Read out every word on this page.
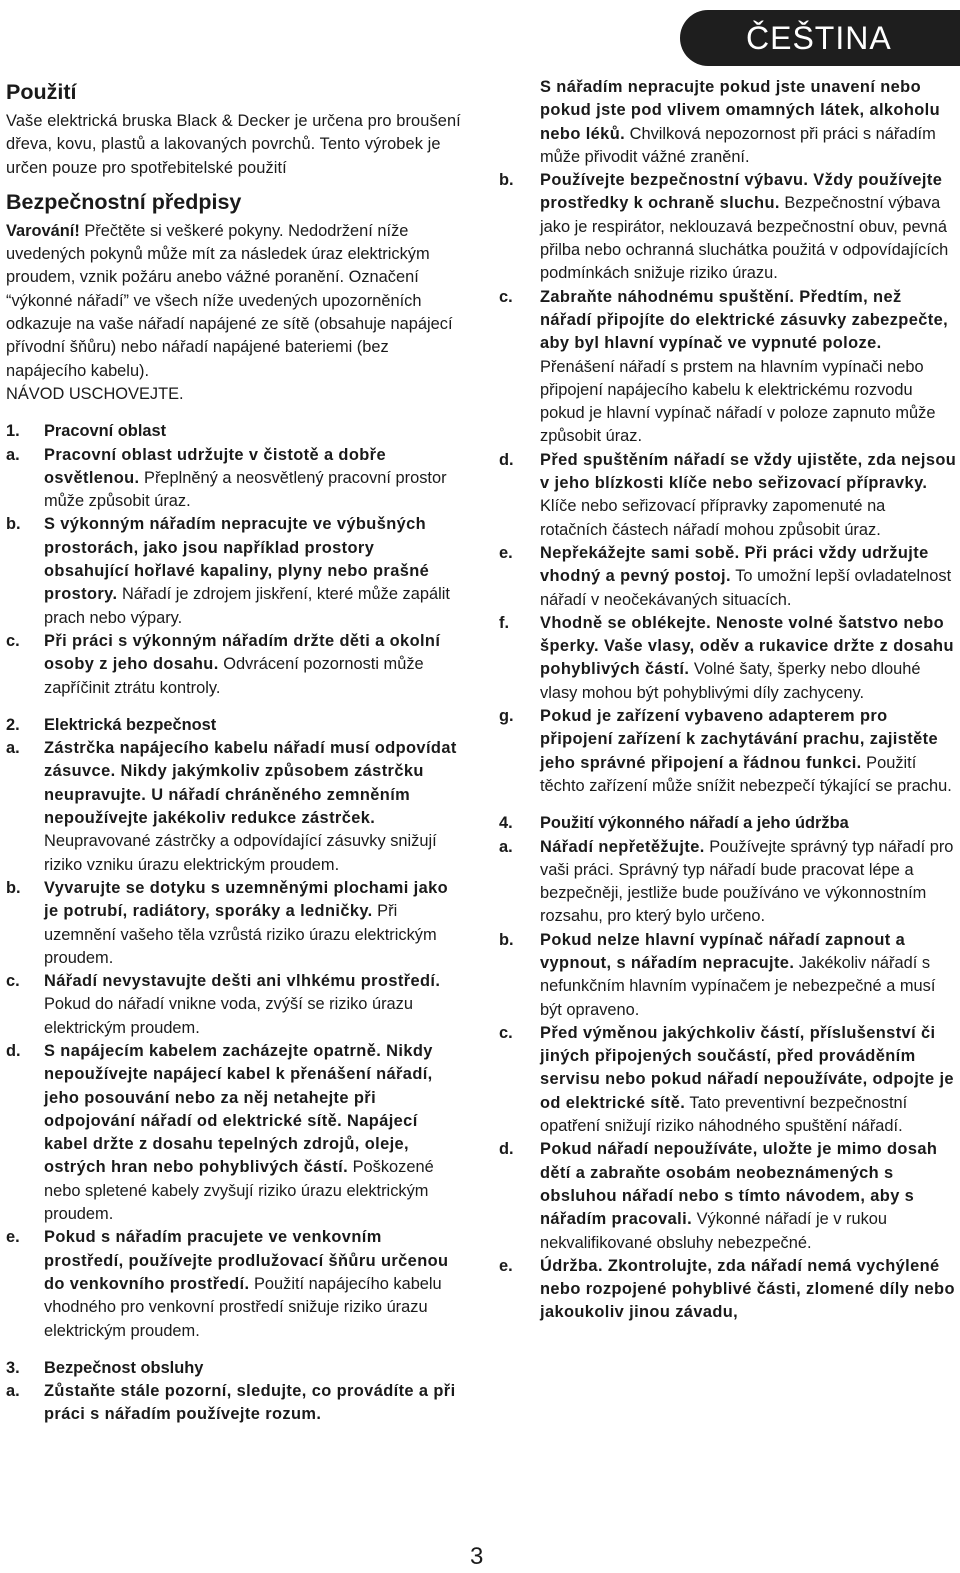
ČEŠTINA
Použití

Vaše elektrická bruska Black & Decker je určena pro broušení dřeva, kovu, plastů a lakovaných povrchů. Tento výrobek je určen pouze pro spotřebitelské použití

Bezpečnostní předpisy

Varování! Přečtěte si veškeré pokyny. Nedodržení níže uvedených pokynů může mít za následek úraz elektrickým proudem, vznik požáru anebo vážné poranění. Označení “výkonné nářadí” ve všech níže uvedených upozorněních odkazuje na vaše nářadí napájené ze sítě (obsahuje napájecí přívodní šňůru) nebo nářadí napájené bateriemi (bez napájecího kabelu).

NÁVOD USCHOVEJTE.

1.	Pracovní oblast
a.	Pracovní oblast udržujte v čistotě a dobře osvětlenou. Přeplněný a neosvětlený pracovní prostor může způsobit úraz.
b.	S výkonným nářadím nepracujte ve výbušných prostorách, jako jsou například prostory obsahující hořlavé kapaliny, plyny nebo prašné prostory. Nářadí je zdrojem jiskření, které může zapálit prach nebo výpary.
c.	Při práci s výkonným nářadím držte děti a okolní osoby z jeho dosahu. Odvrácení pozornosti může zapříčinit ztrátu kontroly.
2.	Elektrická bezpečnost
a.	Zástrčka napájecího kabelu nářadí musí odpovídat zásuvce. Nikdy jakýmkoliv způsobem zástrčku neupravujte. U nářadí chráněného zemněním nepoužívejte jakékoliv redukce zástrček. Neupravované zástrčky a odpovídající zásuvky snižují riziko vzniku úrazu elektrickým proudem.
b.	Vyvarujte se dotyku s uzemněnými plochami jako je potrubí, radiátory, sporáky a ledničky. Při uzemnění vašeho těla vzrůstá riziko úrazu elektrickým proudem.
c.	Nářadí nevystavujte dešti ani vlhkému prostředí. Pokud do nářadí vnikne voda, zvýší se riziko úrazu elektrickým proudem.
d.	S napájecím kabelem zacházejte opatrně. Nikdy nepoužívejte napájecí kabel k přenášení nářadí, jeho posouvání nebo za něj netahejte při odpojování nářadí od elektrické sítě. Napájecí kabel držte z dosahu tepelných zdrojů, oleje, ostrých hran nebo pohyblivých částí. Poškozené nebo spletené kabely zvyšují riziko úrazu elektrickým proudem.
e.	Pokud s nářadím pracujete ve venkovním prostředí, používejte prodlužovací šňůru určenou do venkovního prostředí. Použití napájecího kabelu vhodného pro venkovní prostředí snižuje riziko úrazu elektrickým proudem.
3.	Bezpečnost obsluhy
a.	Zůstaňte stále pozorní, sledujte, co provádíte a při práci s nářadím používejte rozum.
S nářadím nepracujte pokud jste unavení nebo pokud jste pod vlivem omamných látek, alkoholu nebo léků. Chvilková nepozornost při práci s nářadím může přivodit vážné zranění.
b.	Používejte bezpečnostní výbavu. Vždy používejte prostředky k ochraně sluchu. Bezpečnostní výbava jako je respirátor, neklouzavá bezpečnostní obuv, pevná přilba nebo ochranná sluchátka použitá v odpovídajících podmínkách snižuje riziko úrazu.
c.	Zabraňte náhodnému spuštění. Předtím, než nářadí připojíte do elektrické zásuvky zabezpečte, aby byl hlavní vypínač ve vypnuté poloze. Přenášení nářadí s prstem na hlavním vypínači nebo připojení napájecího kabelu k elektrickému rozvodu pokud je hlavní vypínač nářadí v poloze zapnuto může způsobit úraz.
d.	Před spuštěním nářadí se vždy ujistěte, zda nejsou v jeho blízkosti klíče nebo seřizovací přípravky. Klíče nebo seřizovací přípravky zapomenuté na rotačních částech nářadí mohou způsobit úraz.
e.	Nepřekážejte sami sobě. Při práci vždy udržujte vhodný a pevný postoj. To umožní lepší ovladatelnost nářadí v neočekávaných situacích.
f.	Vhodně se oblékejte. Nenoste volné šatstvo nebo šperky. Vaše vlasy, oděv a rukavice držte z dosahu pohyblivých částí. Volné šaty, šperky nebo dlouhé vlasy mohou být pohyblivými díly zachyceny.
g.	Pokud je zařízení vybaveno adapterem pro připojení zařízení k zachytávání prachu, zajistěte jeho správné připojení a řádnou funkci. Použití těchto zařízení může snížit nebezpečí týkající se prachu.
4.	Použití výkonného nářadí a jeho údržba
a.	Nářadí nepřetěžujte. Používejte správný typ nářadí pro vaši práci. Správný typ nářadí bude pracovat lépe a bezpečněji, jestliže bude používáno ve výkonnostním rozsahu, pro který bylo určeno.
b.	Pokud nelze hlavní vypínač nářadí zapnout a vypnout, s nářadím nepracujte. Jakékoliv nářadí s nefunkčním hlavním vypínačem je nebezpečné a musí být opraveno.
c.	Před výměnou jakýchkoliv částí, příslušenství či jiných připojených součástí, před prováděním servisu nebo pokud nářadí nepoužíváte, odpojte je od elektrické sítě. Tato preventivní bezpečnostní opatření snižují riziko náhodného spuštění nářadí.
d.	Pokud nářadí nepoužíváte, uložte je mimo dosah dětí a zabraňte osobám neobeznámených s obsluhou nářadí nebo s tímto návodem, aby s nářadím pracovali. Výkonné nářadí je v rukou nekvalifikované obsluhy nebezpečné.
e.	Údržba. Zkontrolujte, zda nářadí nemá vychýlené nebo rozpojené pohyblivé části, zlomené díly nebo jakoukoliv jinou závadu,
3
